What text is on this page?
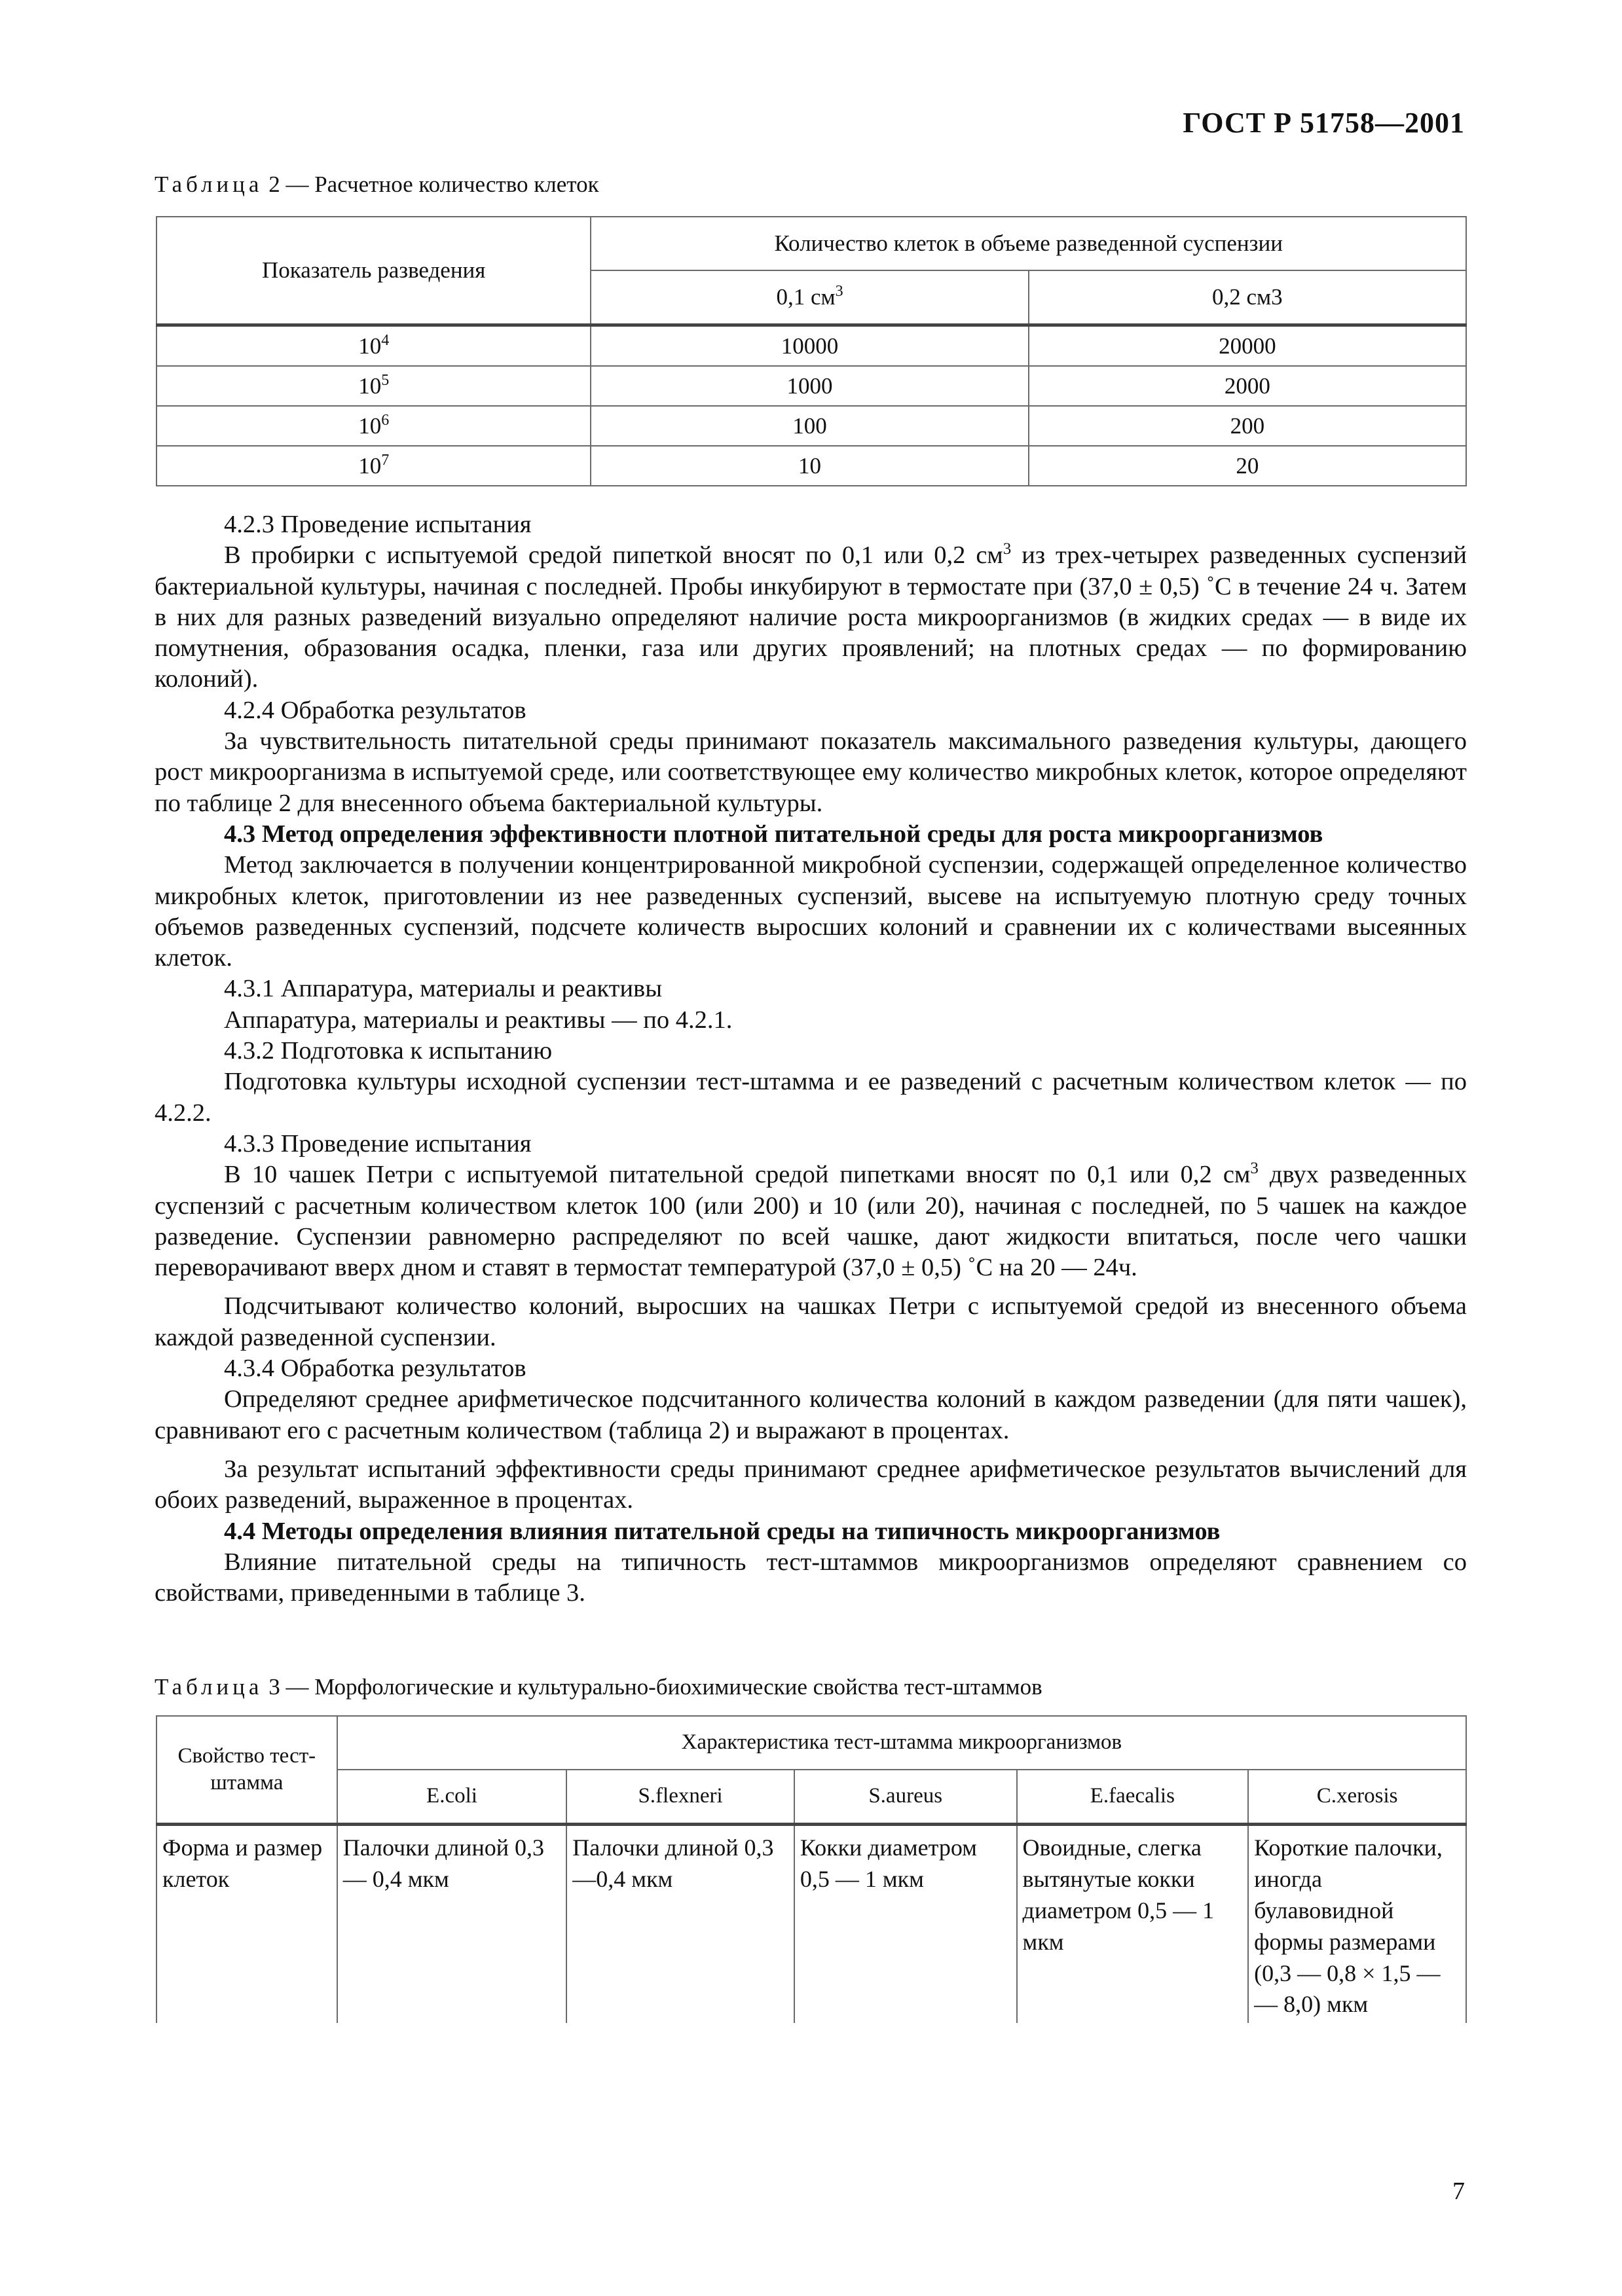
ГОСТ Р 51758—2001
Таблица 2 — Расчетное количество клеток
Показатель разведения	Количество клеток в объеме разведенной суспензии	
	0,1 $см^3$	0,2 см3
$10^4$	10000	20000
$10^5$	1000	2000
$10^6$	100	200
$10^7$	10	20

4.2.3 Проведение испытания

В пробирки с испытуемой средой пипеткой вносят по 0,1 или 0,2 $см^3$ из трех-четырех разведенных суспензий бактериальной культуры, начиная с последней. Пробы инкубируют в термостате при (37,0 ± 0,5) ˚С в течение 24 ч. Затем в них для разных разведений визуально определяют наличие роста микроорганизмов (в жидких средах — в виде их помутнения, образования осадка, пленки, газа или других проявлений; на плотных средах — по формированию колоний).

4.2.4 Обработка результатов

За чувствительность питательной среды принимают показатель максимального разведения культуры, дающего рост микроорганизма в испытуемой среде, или соответствующее ему количество микробных клеток, которое определяют по таблице 2 для внесенного объема бактериальной культуры.

4.3 Метод определения эффективности плотной питательной среды для роста микроорганизмов

Метод заключается в получении концентрированной микробной суспензии, содержащей определенное количество микробных клеток, приготовлении из нее разведенных суспензий, высеве на испытуемую плотную среду точных объемов разведенных суспензий, подсчете количеств выросших колоний и сравнении их с количествами высеянных клеток.

4.3.1 Аппаратура, материалы и реактивы

Аппаратура, материалы и реактивы — по 4.2.1.

4.3.2 Подготовка к испытанию

Подготовка культуры исходной суспензии тест-штамма и ее разведений с расчетным количеством клеток — по 4.2.2.

4.3.3 Проведение испытания

В 10 чашек Петри с испытуемой питательной средой пипетками вносят по 0,1 или 0,2 $см^3$ двух разведенных суспензий с расчетным количеством клеток 100 (или 200) и 10 (или 20), начиная с последней, по 5 чашек на каждое разведение. Суспензии равномерно распределяют по всей чашке, дают жидкости впитаться, после чего чашки переворачивают вверх дном и ставят в термостат температурой (37,0 ± 0,5) ˚С на 20 — 24ч.

Подсчитывают количество колоний, выросших на чашках Петри с испытуемой средой из внесенного объема каждой разведенной суспензии.

4.3.4 Обработка результатов

Определяют среднее арифметическое подсчитанного количества колоний в каждом разведении (для пяти чашек), сравнивают его с расчетным количеством (таблица 2) и выражают в процентах.

За результат испытаний эффективности среды принимают среднее арифметическое результатов вычислений для обоих разведений, выраженное в процентах.

4.4 Методы определения влияния питательной среды на типичность микроорганизмов

Влияние питательной среды на типичность тест-штаммов микроорганизмов определяют сравнением со свойствами, приведенными в таблице 3.

Таблица 3 — Морфологические и культурально-биохимические свойства тест-штаммов
Свойство тест-штамма	Характеристика тест-штамма микроорганизмов				
	E.coli	S.flexneri	S.aureus	E.faecalis	C.xerosis
Форма и размер клеток	Палочки длиной 0,3 — 0,4 мкм	Палочки длиной 0,3 —0,4 мкм	Кокки диаметром 0,5 — 1 мкм	Овоидные, слегка вытянутые кокки диаметром 0,5 — 1 мкм	Короткие палочки, иногда булавовидной формы размерами (0,3 — 0,8 × 1,5 — — 8,0) мкм
7
